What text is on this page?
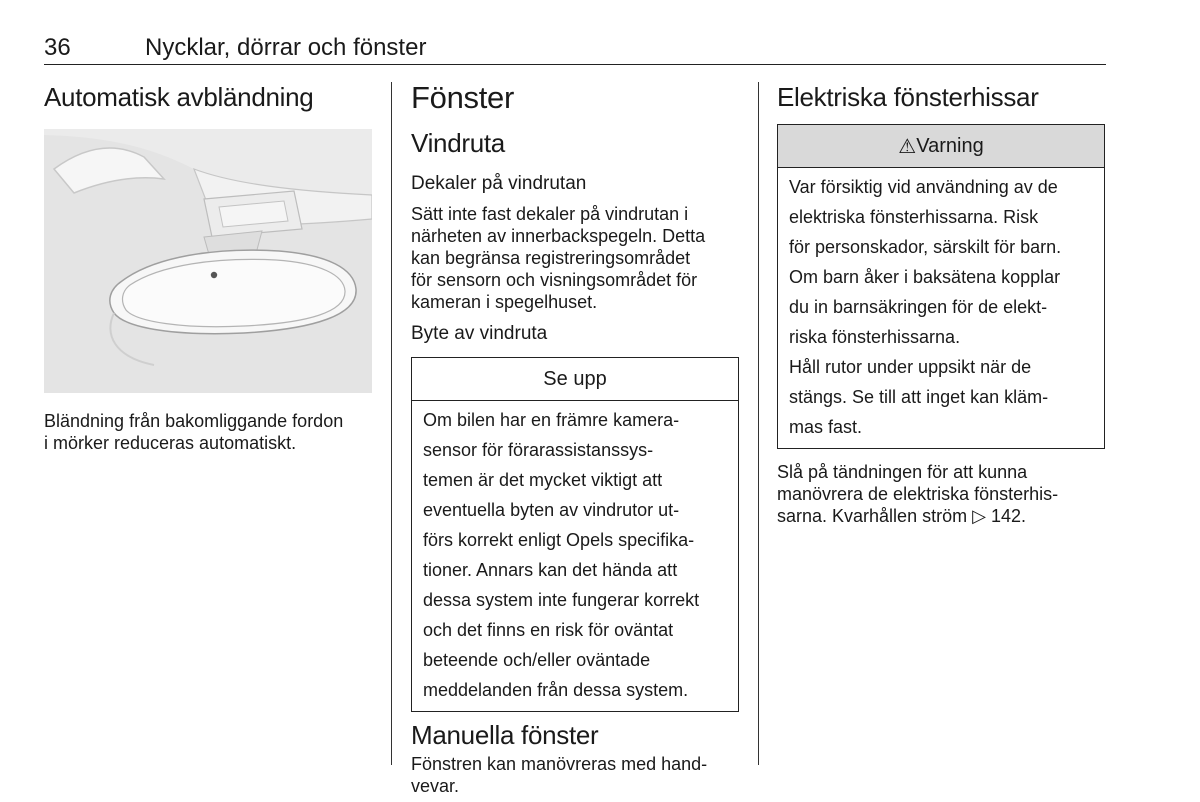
36	Nycklar, dörrar och fönster
Automatisk avbländning

Bländning från bakomliggande fordon

i mörker reduceras automatiskt.

Fönster
Vindruta
Dekaler på vindrutan

Sätt inte fast dekaler på vindrutan i

närheten av innerbackspegeln. Detta

kan begränsa registreringsområdet

för sensorn och visningsområdet för

kameran i spegelhuset.

Byte av vindruta
Se upp

Om bilen har en främre kamera-

sensor för förarassistanssys-

temen är det mycket viktigt att

eventuella byten av vindrutor ut-

förs korrekt enligt Opels specifika-

tioner. Annars kan det hända att

dessa system inte fungerar korrekt

och det finns en risk för oväntat

beteende och/eller oväntade

meddelanden från dessa system.

Manuella fönster

Fönstren kan manövreras med hand-

vevar.

Elektriska fönsterhissar
⚠ Varning

Var försiktig vid användning av de

elektriska fönsterhissarna. Risk

för personskador, särskilt för barn.

Om barn åker i baksätena kopplar

du in barnsäkringen för de elekt-

riska fönsterhissarna.

Håll rutor under uppsikt när de

stängs. Se till att inget kan kläm-

mas fast.

Slå på tändningen för att kunna

manövrera de elektriska fönsterhis-

sarna. Kvarhållen ström ▷ 142.
